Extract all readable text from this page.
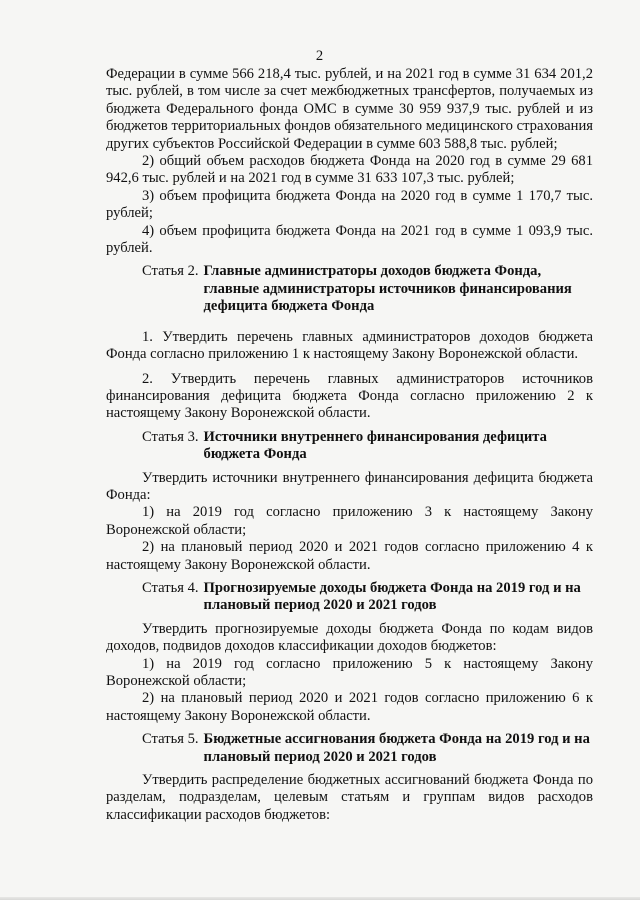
2

Федерации в сумме 566 218,4 тыс. рублей, и на 2021 год в сумме 31 634 201,2 тыс. рублей, в том числе за счет межбюджетных трансфертов, получаемых из бюджета Федерального фонда ОМС в сумме 30 959 937,9 тыс. рублей и из бюджетов территориальных фондов обязательного медицинского страхования других субъектов Российской Федерации в сумме 603 588,8 тыс. рублей;

2) общий объем расходов бюджета Фонда на 2020 год в сумме 29 681 942,6 тыс. рублей и на 2021 год в сумме 31 633 107,3 тыс. рублей;

3) объем профицита бюджета Фонда на 2020 год в сумме 1 170,7 тыс. рублей;

4) объем профицита бюджета Фонда на 2021 год в сумме 1 093,9 тыс. рублей.

Статья 2. Главные администраторы доходов бюджета Фонда, главные администраторы источников финансирования дефицита бюджета Фонда

1. Утвердить перечень главных администраторов доходов бюджета Фонда согласно приложению 1 к настоящему Закону Воронежской области.

2. Утвердить перечень главных администраторов источников финансирования дефицита бюджета Фонда согласно приложению 2 к настоящему Закону Воронежской области.

Статья 3. Источники внутреннего финансирования дефицита бюджета Фонда

Утвердить источники внутреннего финансирования дефицита бюджета Фонда:

1) на 2019 год согласно приложению 3 к настоящему Закону Воронежской области;

2) на плановый период 2020 и 2021 годов согласно приложению 4 к настоящему Закону Воронежской области.

Статья 4. Прогнозируемые доходы бюджета Фонда на 2019 год и на плановый период 2020 и 2021 годов

Утвердить прогнозируемые доходы бюджета Фонда по кодам видов доходов, подвидов доходов классификации доходов бюджетов:

1) на 2019 год согласно приложению 5 к настоящему Закону Воронежской области;

2) на плановый период 2020 и 2021 годов согласно приложению 6 к настоящему Закону Воронежской области.

Статья 5. Бюджетные ассигнования бюджета Фонда на 2019 год и на плановый период 2020 и 2021 годов

Утвердить распределение бюджетных ассигнований бюджета Фонда по разделам, подразделам, целевым статьям и группам видов расходов классификации расходов бюджетов:
